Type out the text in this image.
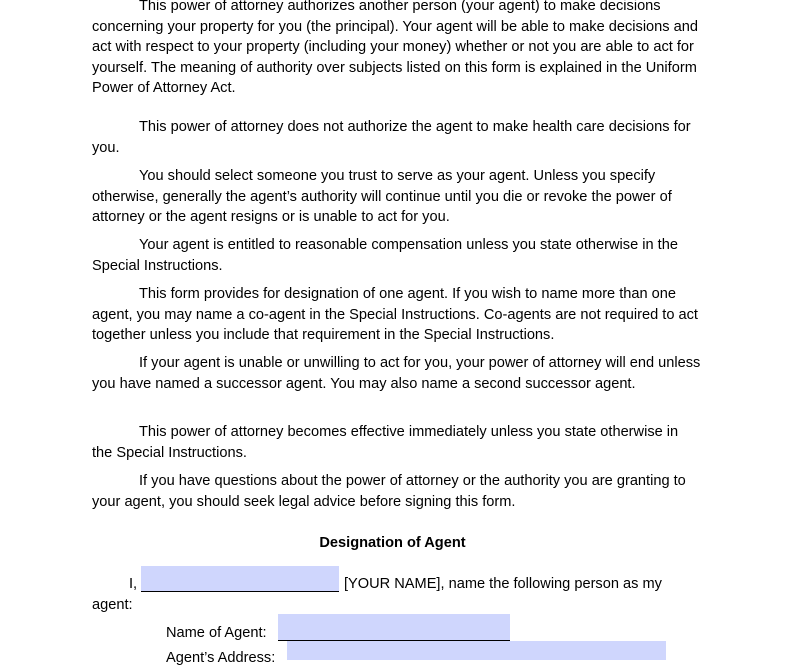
This power of attorney authorizes another person (your agent) to make decisions concerning your property for you (the principal). Your agent will be able to make decisions and act with respect to your property (including your money) whether or not you are able to act for yourself. The meaning of authority over subjects listed on this form is explained in the Uniform Power of Attorney Act.

This power of attorney does not authorize the agent to make health care decisions for you.

You should select someone you trust to serve as your agent. Unless you specify otherwise, generally the agent’s authority will continue until you die or revoke the power of attorney or the agent resigns or is unable to act for you.

Your agent is entitled to reasonable compensation unless you state otherwise in the Special Instructions.

This form provides for designation of one agent. If you wish to name more than one agent, you may name a co-agent in the Special Instructions. Co-agents are not required to act together unless you include that requirement in the Special Instructions.

If your agent is unable or unwilling to act for you, your power of attorney will end unless you have named a successor agent. You may also name a second successor agent.

This power of attorney becomes effective immediately unless you state otherwise in the Special Instructions.

If you have questions about the power of attorney or the authority you are granting to your agent, you should seek legal advice before signing this form.

Designation of Agent
I,	[YOUR NAME], name the following person as my
agent:
Name of Agent:
Agent’s Address:
